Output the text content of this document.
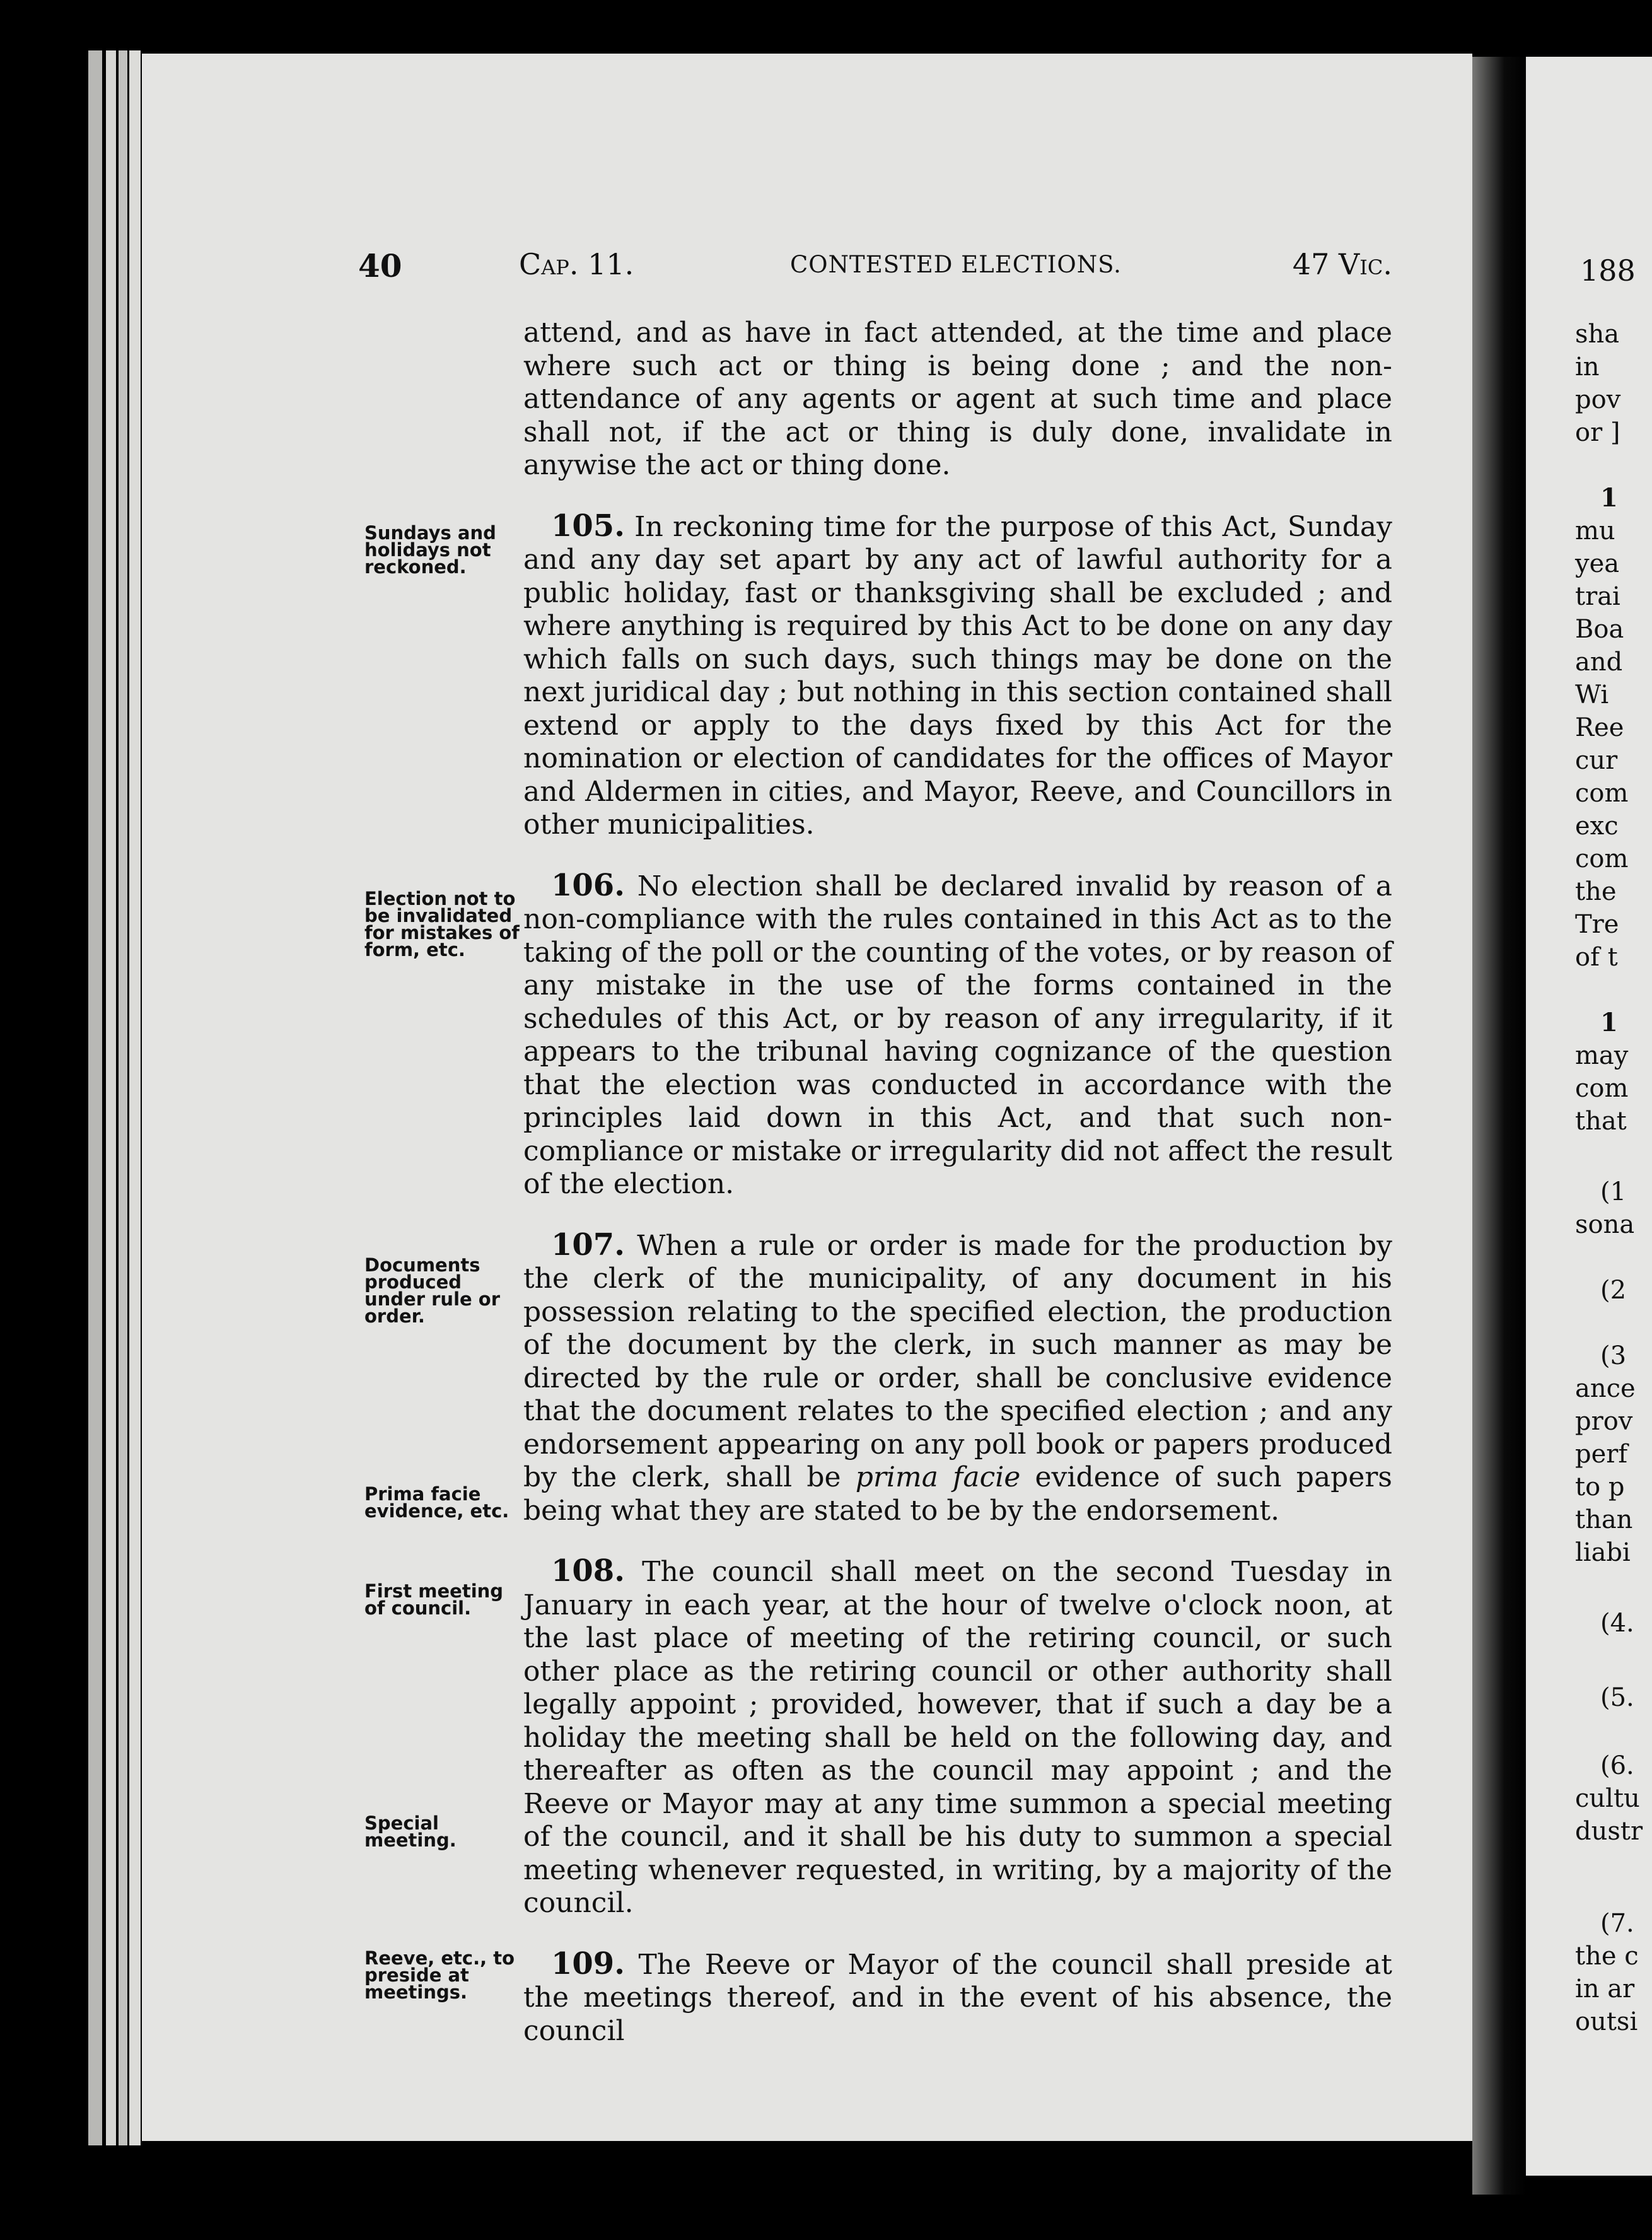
188
sha
in
pov
or ]
1
mu
yea
trai
Boa
and
Wi
Ree
cur
com
exc
com
the
Tre
of t
1
may
com
that
(1
sona
(2
(3
ance
prov
perf
to p
than
liabi
(4.
(5.
(6.
cultu
dustr
(7.
the c
in ar
outsi
40	Cap. 11.	CONTESTED ELECTIONS.	47 Vic.
Sundays and holidays not reckoned.
Election not to be invalidated for mistakes of form, etc.
Documents produced under rule or order.
Prima facie evidence, etc.
First meeting of council.
Special meeting.
Reeve, etc., to preside at meetings.

attend, and as have in fact attended, at the time and place where such act or thing is being done ; and the non-attendance of any agents or agent at such time and place shall not, if the act or thing is duly done, invalidate in anywise the act or thing done.

105. In reckoning time for the purpose of this Act, Sunday and any day set apart by any act of lawful authority for a public holiday, fast or thanksgiving shall be excluded ; and where anything is required by this Act to be done on any day which falls on such days, such things may be done on the next juridical day ; but nothing in this section contained shall extend or apply to the days fixed by this Act for the nomination or election of candidates for the offices of Mayor and Aldermen in cities, and Mayor, Reeve, and Councillors in other municipalities.

106. No election shall be declared invalid by reason of a non-compliance with the rules contained in this Act as to the taking of the poll or the counting of the votes, or by reason of any mistake in the use of the forms contained in the schedules of this Act, or by reason of any irregularity, if it appears to the tribunal having cognizance of the question that the election was conducted in accordance with the principles laid down in this Act, and that such non-compliance or mistake or irregularity did not affect the result of the election.

107. When a rule or order is made for the production by the clerk of the municipality, of any document in his possession relating to the specified election, the production of the document by the clerk, in such manner as may be directed by the rule or order, shall be conclusive evidence that the document relates to the specified election ; and any endorsement appearing on any poll book or papers produced by the clerk, shall be prima facie evidence of such papers being what they are stated to be by the endorsement.

108. The council shall meet on the second Tuesday in January in each year, at the hour of twelve o'clock noon, at the last place of meeting of the retiring council, or such other place as the retiring council or other authority shall legally appoint ; provided, however, that if such a day be a holiday the meeting shall be held on the following day, and thereafter as often as the council may appoint ; and the Reeve or Mayor may at any time summon a special meeting of the council, and it shall be his duty to summon a special meeting whenever requested, in writing, by a majority of the council.

109. The Reeve or Mayor of the council shall preside at the meetings thereof, and in the event of his absence, the council
